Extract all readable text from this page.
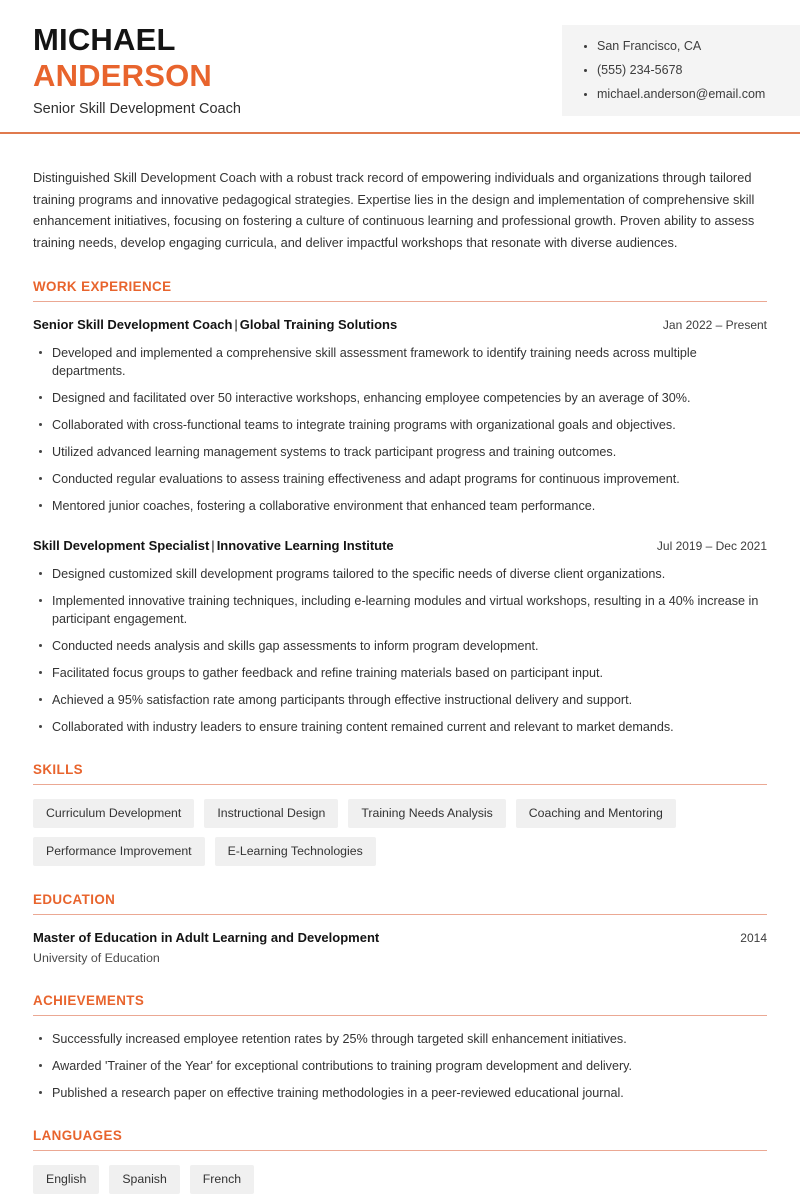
San Francisco, CA
(555) 234-5678
michael.anderson@email.com
MICHAEL
ANDERSON
Senior Skill Development Coach

Distinguished Skill Development Coach with a robust track record of empowering individuals and organizations through tailored training programs and innovative pedagogical strategies. Expertise lies in the design and implementation of comprehensive skill enhancement initiatives, focusing on fostering a culture of continuous learning and professional growth. Proven ability to assess training needs, develop engaging curricula, and deliver impactful workshops that resonate with diverse audiences.

WORK EXPERIENCE
Senior Skill Development Coach | Global Training Solutions	Jan 2022 – Present
Developed and implemented a comprehensive skill assessment framework to identify training needs across multiple departments.
Designed and facilitated over 50 interactive workshops, enhancing employee competencies by an average of 30%.
Collaborated with cross-functional teams to integrate training programs with organizational goals and objectives.
Utilized advanced learning management systems to track participant progress and training outcomes.
Conducted regular evaluations to assess training effectiveness and adapt programs for continuous improvement.
Mentored junior coaches, fostering a collaborative environment that enhanced team performance.
Skill Development Specialist | Innovative Learning Institute	Jul 2019 – Dec 2021
Designed customized skill development programs tailored to the specific needs of diverse client organizations.
Implemented innovative training techniques, including e-learning modules and virtual workshops, resulting in a 40% increase in participant engagement.
Conducted needs analysis and skills gap assessments to inform program development.
Facilitated focus groups to gather feedback and refine training materials based on participant input.
Achieved a 95% satisfaction rate among participants through effective instructional delivery and support.
Collaborated with industry leaders to ensure training content remained current and relevant to market demands.
SKILLS
Curriculum Development	Instructional Design	Training Needs Analysis	Coaching and Mentoring
Performance Improvement	E-Learning Technologies
EDUCATION
Master of Education in Adult Learning and Development	2014
University of Education
ACHIEVEMENTS
Successfully increased employee retention rates by 25% through targeted skill enhancement initiatives.
Awarded 'Trainer of the Year' for exceptional contributions to training program development and delivery.
Published a research paper on effective training methodologies in a peer-reviewed educational journal.
LANGUAGES
English	Spanish	French
